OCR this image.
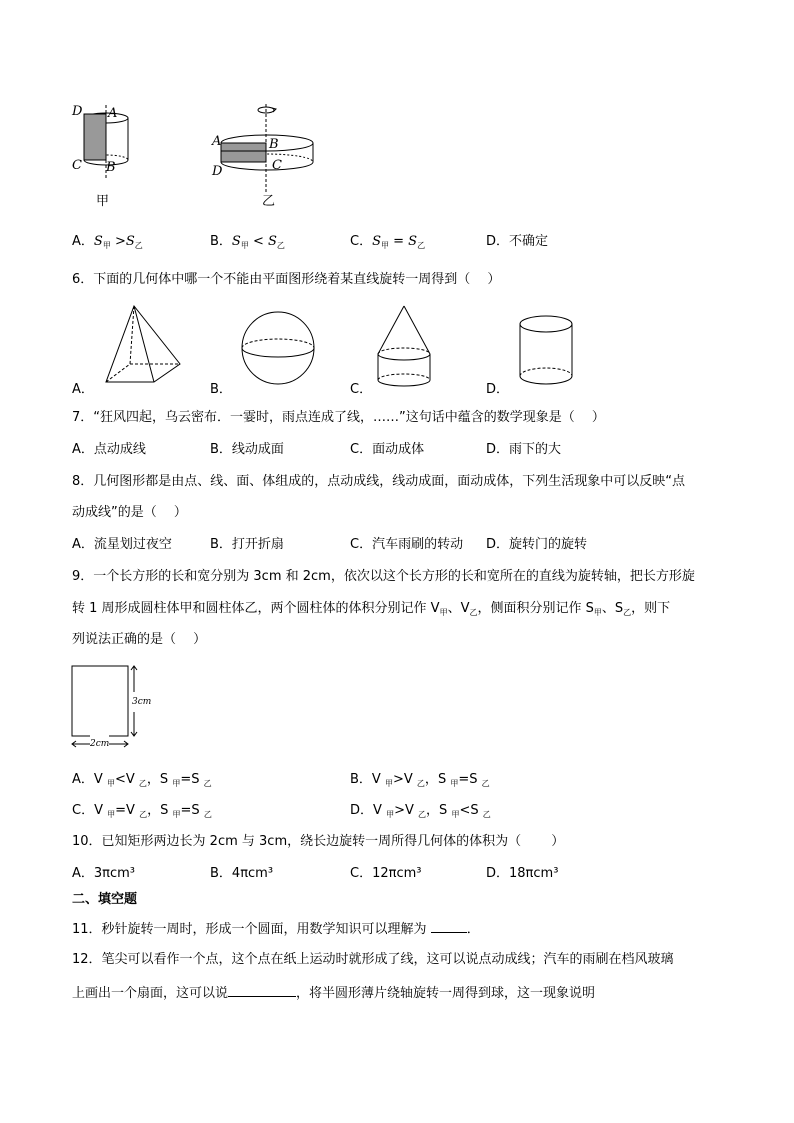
D A
C B
甲
A	B
D	C
乙
A．$S_甲 >S_乙$	B．$S_甲 < S_乙$	C．$S_甲 = S_乙$	D．不确定
6．下面的几何体中哪一个不能由平面图形绕着某直线旋转一周得到（　 ）
A．	B．	C．	D．
7．“狂风四起，乌云密布．一霎时，雨点连成了线，……”这句话中蕴含的数学现象是（　 ）
A．点动成线	B．线动成面	C．面动成体	D．雨下的大
8．几何图形都是由点、线、面、体组成的，点动成线，线动成面，面动成体，下列生活现象中可以反映“点
动成线”的是（　 ）
A．流星划过夜空	B．打开折扇	C．汽车雨刷的转动 D．旋转门的旋转
9．一个长方形的长和宽分别为 3cm 和 2cm，依次以这个长方形的长和宽所在的直线为旋转轴，把长方形旋
转 1 周形成圆柱体甲和圆柱体乙，两个圆柱体的体积分别记作 $V_甲$、$V_乙$，侧面积分别记作 $S_甲$、$S_乙$，则下
列说法正确的是（　 ）
3cm
2cm
A．V $_甲$<V $_乙$，S $_甲$=S $_乙$	B．V $_甲$>V $_乙$，S $_甲$=S $_乙$
C．V $_甲$=V $_乙$，S $_甲$=S $_乙$	D．V $_甲$>V $_乙$，S $_甲$<S $_乙$
10．已知矩形两边长为 2cm 与 3cm，绕长边旋转一周所得几何体的体积为（　 　）
A．3πcm³	B．4πcm³	C．12πcm³	D．18πcm³
二、填空题
11．秒针旋转一周时，形成一个圆面，用数学知识可以理解为	．
12．笔尖可以看作一个点，这个点在纸上运动时就形成了线，这可以说点动成线；汽车的雨刷在档风玻璃
上画出一个扇面，这可以说	，将半圆形薄片绕轴旋转一周得到球，这一现象说明
